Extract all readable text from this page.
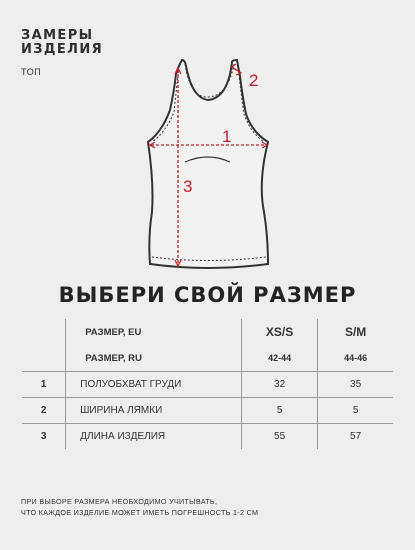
ЗАМЕРЫ
ИЗДЕЛИЯ
ТОП
1
2
3
ВЫБЕРИ СВОЙ РАЗМЕР
	РАЗМЕР, EU	XS/S	S/M
	РАЗМЕР, RU	42-44	44-46
1	ПОЛУОБХВАТ ГРУДИ	32	35
2	ШИРИНА ЛЯМКИ	5	5
3	ДЛИНА ИЗДЕЛИЯ	55	57
ПРИ ВЫБОРЕ РАЗМЕРА НЕОБХОДИМО УЧИТЫВАТЬ,
ЧТО КАЖДОЕ ИЗДЕЛИЕ МОЖЕТ ИМЕТЬ ПОГРЕШНОСТЬ 1-2 СМ
